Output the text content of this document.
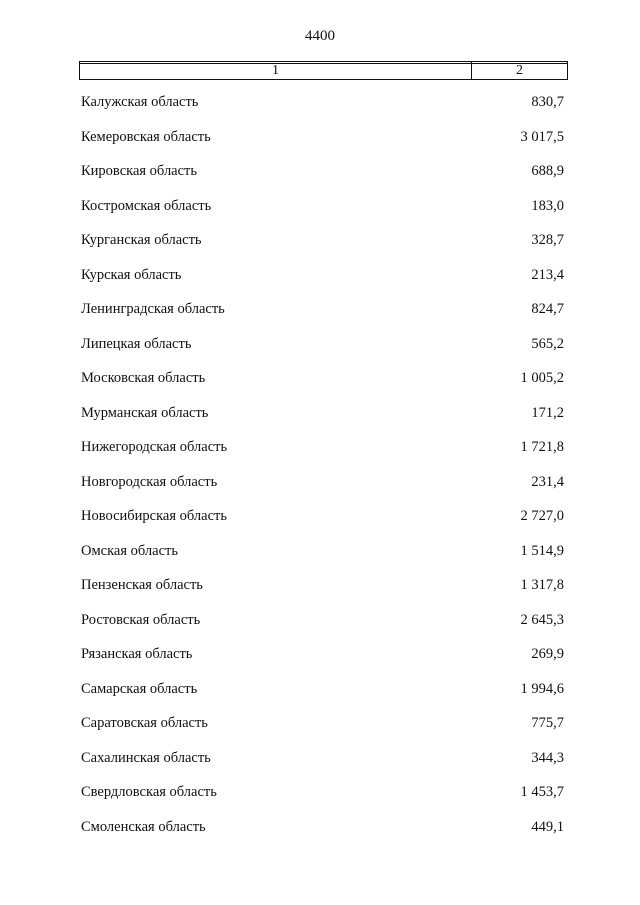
4400
1	2
Калужская область	830,7
Кемеровская область	3 017,5
Кировская область	688,9
Костромская область	183,0
Курганская область	328,7
Курская область	213,4
Ленинградская область	824,7
Липецкая область	565,2
Московская область	1 005,2
Мурманская область	171,2
Нижегородская область	1 721,8
Новгородская область	231,4
Новосибирская область	2 727,0
Омская область	1 514,9
Пензенская область	1 317,8
Ростовская область	2 645,3
Рязанская область	269,9
Самарская область	1 994,6
Саратовская область	775,7
Сахалинская область	344,3
Свердловская область	1 453,7
Смоленская область	449,1
